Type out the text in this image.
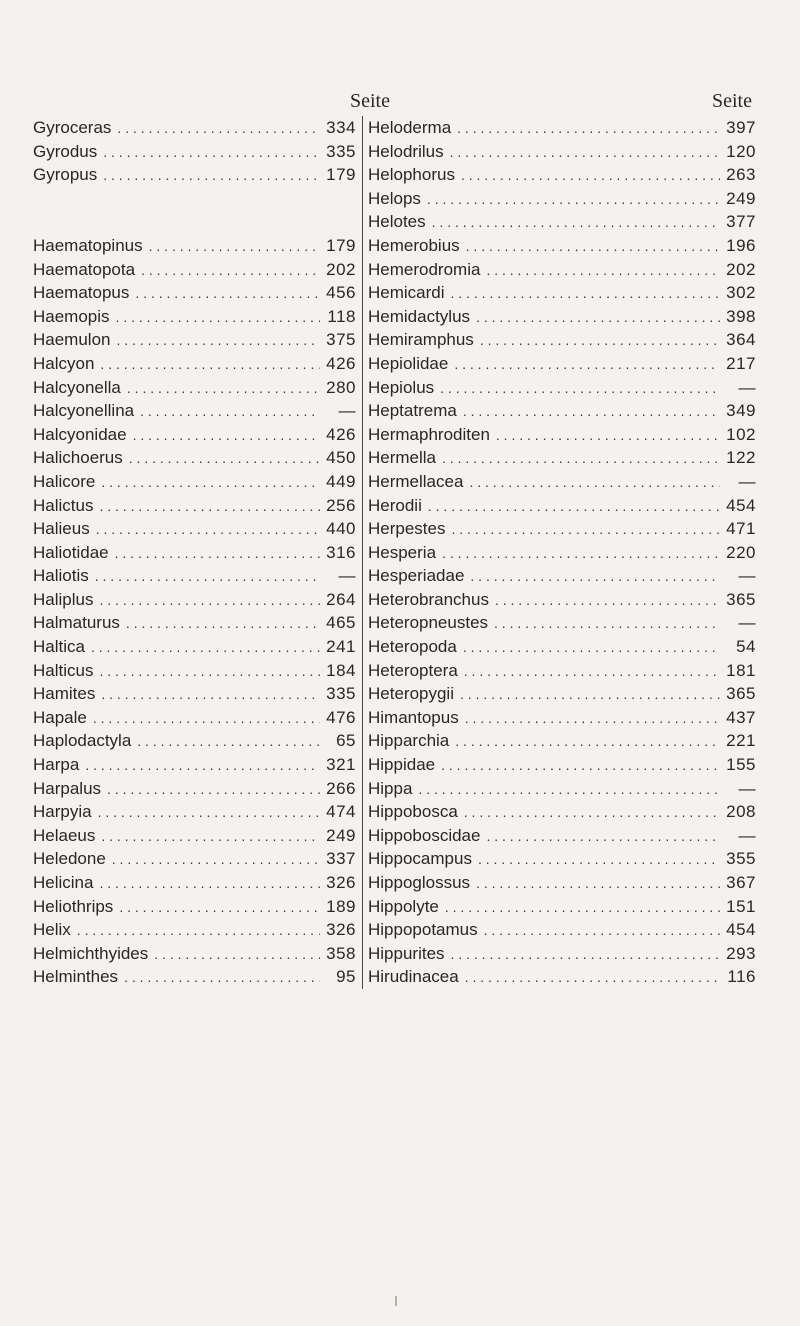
Seite	Seite
Gyroceras . . .	334
Gyrodus . . .	335
Gyropus . . .	179
Haematopinus . . .	179
Haematopota . . .	202
Haematopus . . .	456
Haemopis . . .	118
Haemulon . . .	375
Halcyon . . .	426
Halcyonella . . .	280
Halcyonellina . . .	—
Halcyonidae . . .	426
Halichoerus . . .	450
Halicore . . .	449
Halictus . . .	256
Halieus . . .	440
Haliotidae . . .	316
Haliotis . . .	—
Haliplus . . .	264
Halmaturus . . .	465
Haltica . . .	241
Halticus . . .	184
Hamites . . .	335
Hapale . . .	476
Haplodactyla . . .	65
Harpa . . .	321
Harpalus . . .	266
Harpyia . . .	474
Helaeus . . .	249
Heledone . . .	337
Helicina . . .	326
Heliothrips . . .	189
Helix . . .	326
Helmichthyides . . .	358
Helminthes . . .	95
Heloderma . . .	397
Helodrilus . . .	120
Helophorus . . .	263
Helops . . .	249
Helotes . . .	377
Hemerobius . . .	196
Hemerodromia . . .	202
Hemicardi . . .	302
Hemidactylus . . .	398
Hemiramphus . . .	364
Hepiolidae . . .	217
Hepiolus . . .	—
Heptatrema . . .	349
Hermaphroditen . . .	102
Hermella . . .	122
Hermellacea . . .	—
Herodii . . .	454
Herpestes . . .	471
Hesperia . . .	220
Hesperiadae . . .	—
Heterobranchus . . .	365
Heteropneustes . . .	—
Heteropoda . . .	54
Heteroptera . . .	181
Heteropygii . . .	365
Himantopus . . .	437
Hipparchia . . .	221
Hippidae . . .	155
Hippa . . .	—
Hippobosca . . .	208
Hippoboscidae . . .	—
Hippocampus . . .	355
Hippoglossus . . .	367
Hippolyte . . .	151
Hippopotamus . . .	454
Hippurites . . .	293
Hirudinacea . . .	116
